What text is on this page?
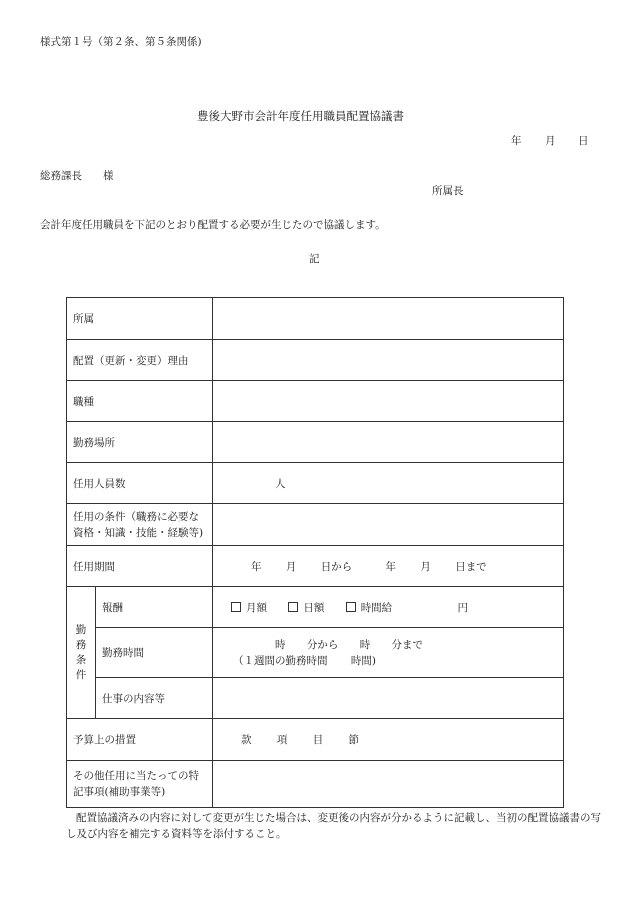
様式第１号（第２条、第５条関係)
豊後大野市会計年度任用職員配置協議書
年 月 日
総務課長　　様
所属長
会計年度任用職員を下記のとおり配置する必要が生じたので協議します。
記
所属		
配置（更新・変更）理由		
職種		
勤務場所		
任用人員数		人

任用の条件（職務に必要な
資格・知識・技能・経験等)		

任用期間		年 月 日から 年 月 日まで

勤
務
条
件	報酬	月額 日額 時間給 円
	勤務時間	時 分から 時 分まで
（１週間の勤務時間 時間)

	仕事の内容等	
予算上の措置		款 項 目 節

その他任用に当たっての特
記事項(補助事業等)		

配置協議済みの内容に対して変更が生じた場合は、変更後の内容が分かるように記載し、当初の配置協議書の写し及び内容を補完する資料等を添付すること。
